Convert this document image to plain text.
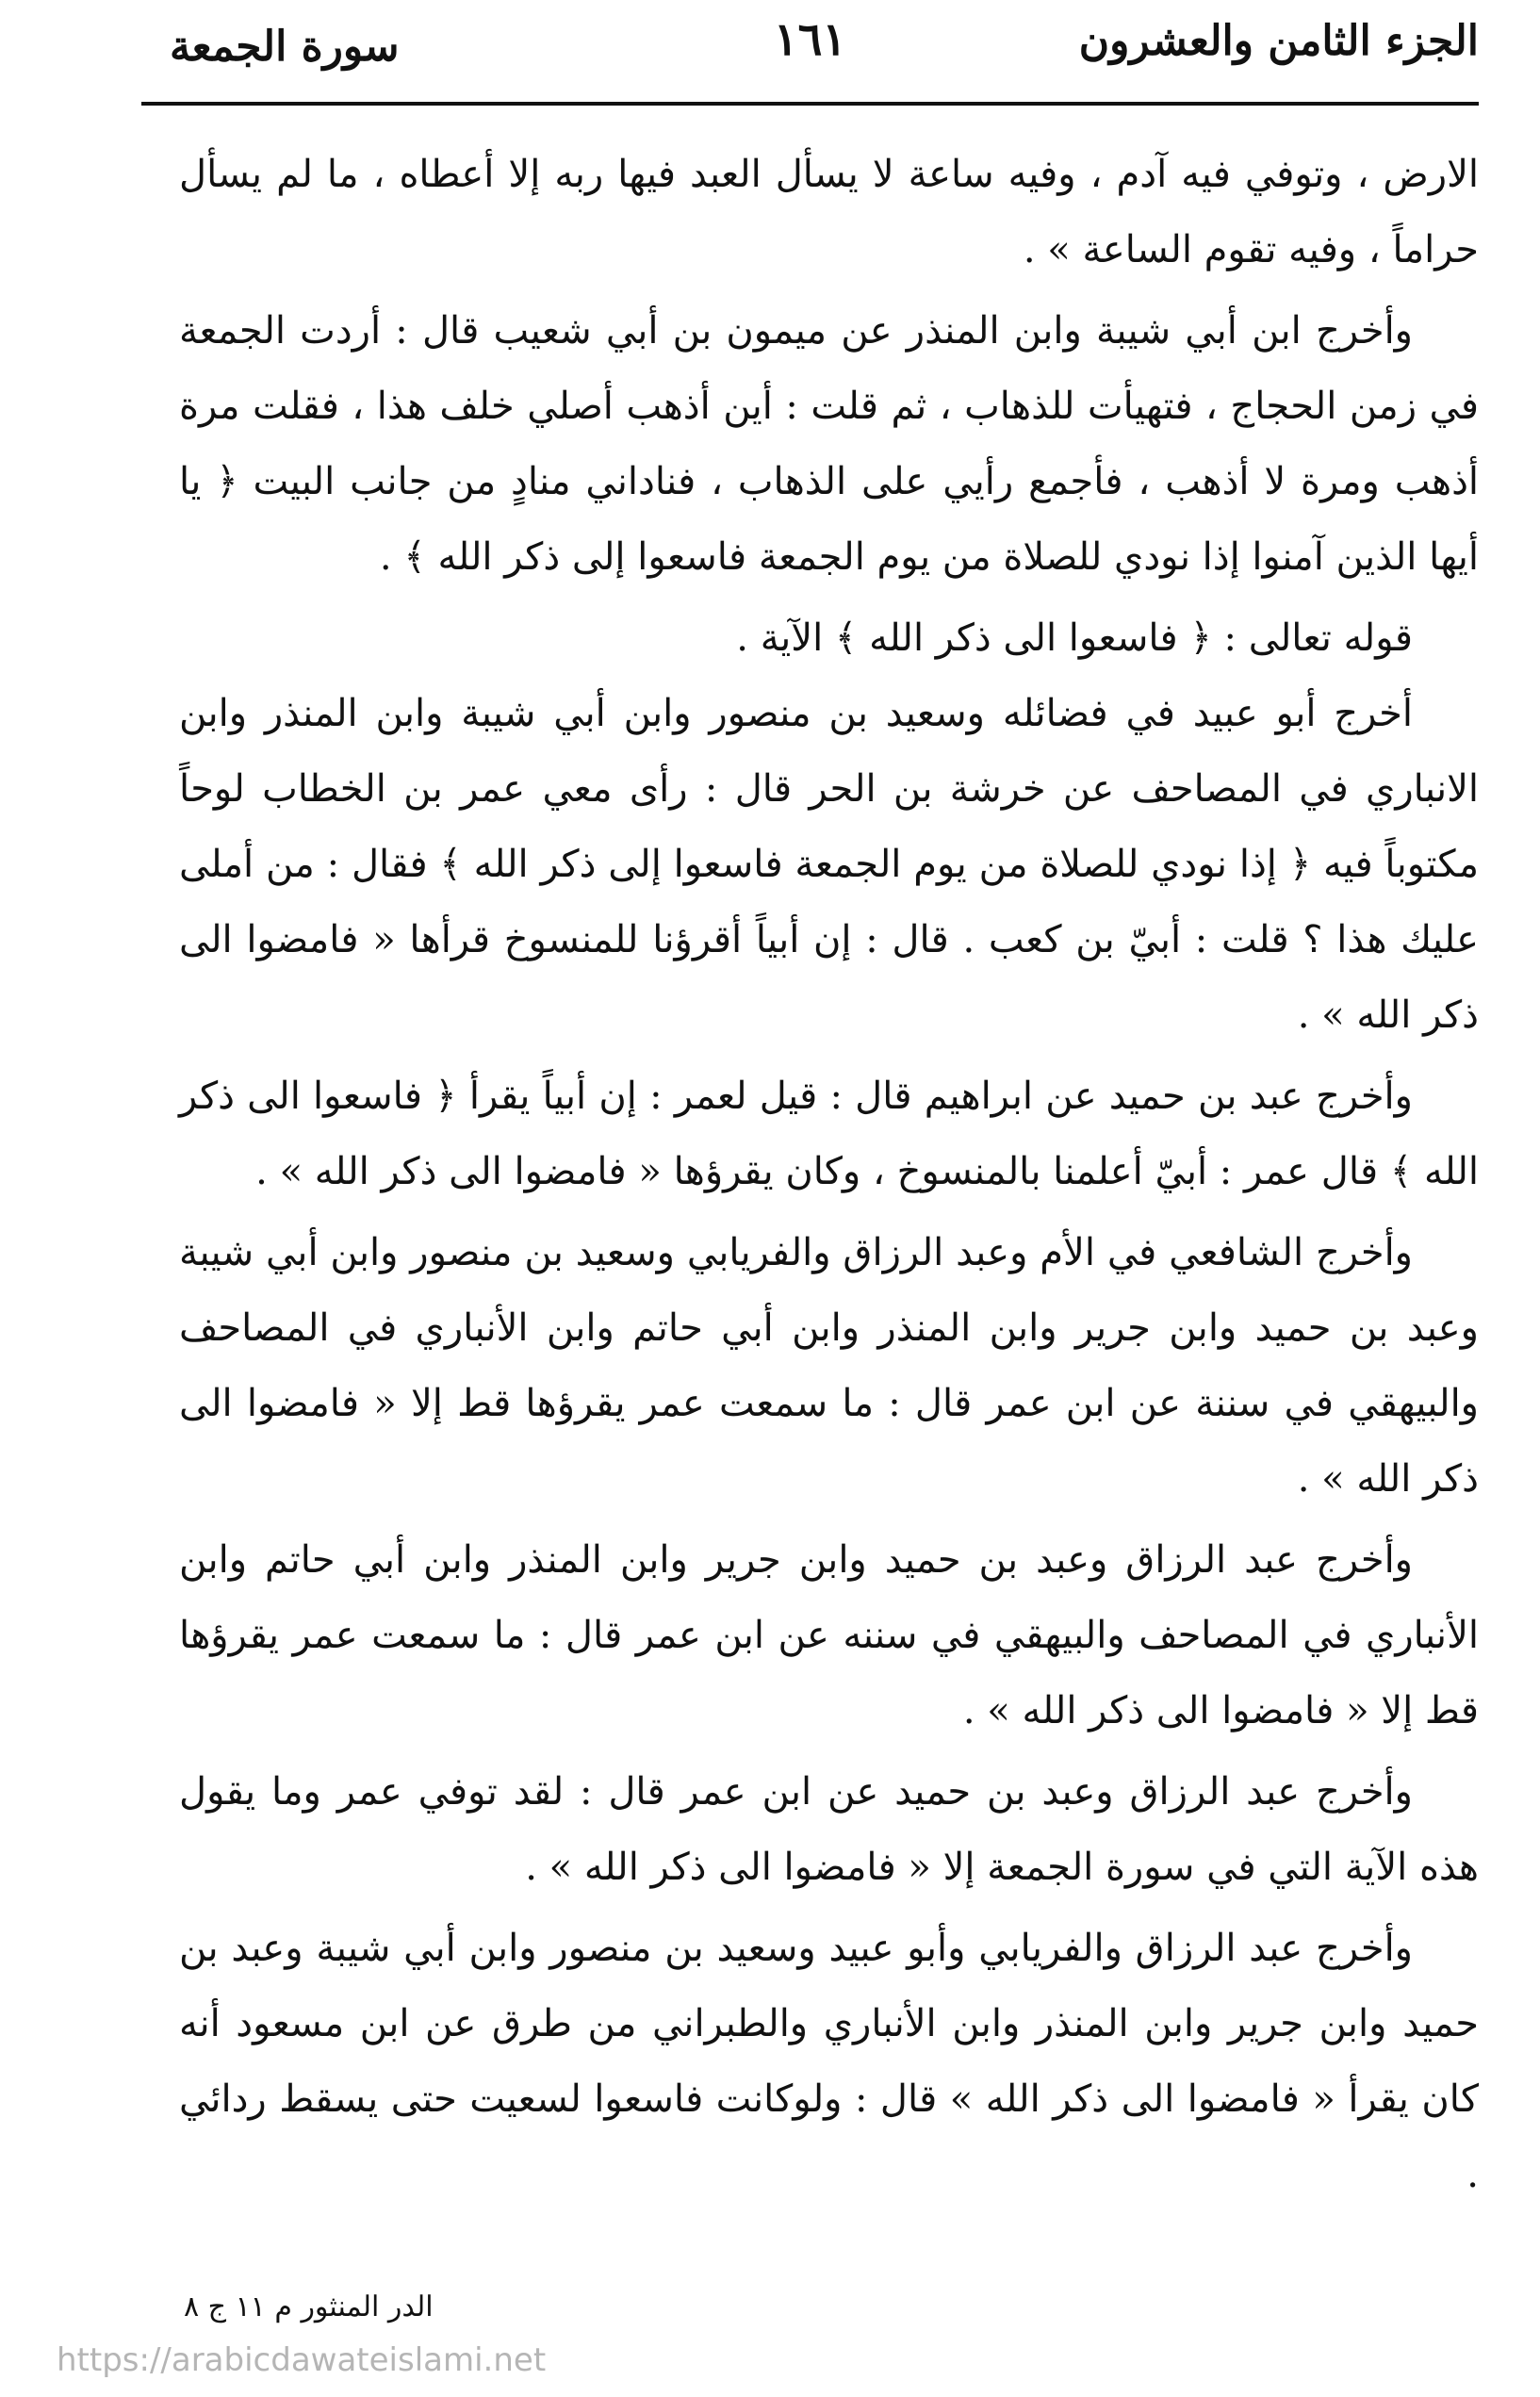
الجزء الثامن والعشرون
١٦١
سورة الجمعة

الارض ، وتوفي فيه آدم ، وفيه ساعة لا يسأل العبد فيها ربه إلا أعطاه ، ما لم يسأل حراماً ، وفيه تقوم الساعة » .

وأخرج ابن أبي شيبة وابن المنذر عن ميمون بن أبي شعيب قال : أردت الجمعة في زمن الحجاج ، فتهيأت للذهاب ، ثم قلت : أين أذهب أصلي خلف هذا ، فقلت مرة أذهب ومرة لا أذهب ، فأجمع رأيي على الذهاب ، فناداني منادٍ من جانب البيت ﴿ يا أيها الذين آمنوا إذا نودي للصلاة من يوم الجمعة فاسعوا إلى ذكر الله ﴾ .

قوله تعالى : ﴿ فاسعوا الى ذكر الله ﴾ الآية .

أخرج أبو عبيد في فضائله وسعيد بن منصور وابن أبي شيبة وابن المنذر وابن الانباري في المصاحف عن خرشة بن الحر قال : رأى معي عمر بن الخطاب لوحاً مكتوباً فيه ﴿ إذا نودي للصلاة من يوم الجمعة فاسعوا إلى ذكر الله ﴾ فقال : من أملى عليك هذا ؟ قلت : أبيّ بن كعب . قال : إن أبياً أقرؤنا للمنسوخ قرأها « فامضوا الى ذكر الله » .

وأخرج عبد بن حميد عن ابراهيم قال : قيل لعمر : إن أبياً يقرأ ﴿ فاسعوا الى ذكر الله ﴾ قال عمر : أبيّ أعلمنا بالمنسوخ ، وكان يقرؤها « فامضوا الى ذكر الله » .

وأخرج الشافعي في الأم وعبد الرزاق والفريابي وسعيد بن منصور وابن أبي شيبة وعبد بن حميد وابن جرير وابن المنذر وابن أبي حاتم وابن الأنباري في المصاحف والبيهقي في سننة عن ابن عمر قال : ما سمعت عمر يقرؤها قط إلا « فامضوا الى ذكر الله » .

وأخرج عبد الرزاق وعبد بن حميد وابن جرير وابن المنذر وابن أبي حاتم وابن الأنباري في المصاحف والبيهقي في سننه عن ابن عمر قال : ما سمعت عمر يقرؤها قط إلا « فامضوا الى ذكر الله » .

وأخرج عبد الرزاق وعبد بن حميد عن ابن عمر قال : لقد توفي عمر وما يقول هذه الآية التي في سورة الجمعة إلا « فامضوا الى ذكر الله » .

وأخرج عبد الرزاق والفريابي وأبو عبيد وسعيد بن منصور وابن أبي شيبة وعبد بن حميد وابن جرير وابن المنذر وابن الأنباري والطبراني من طرق عن ابن مسعود أنه كان يقرأ « فامضوا الى ذكر الله » قال : ولوكانت فاسعوا لسعيت حتى يسقط ردائي .

الدر المنثور م ١١ ج ٨
https://arabicdawateislami.net
